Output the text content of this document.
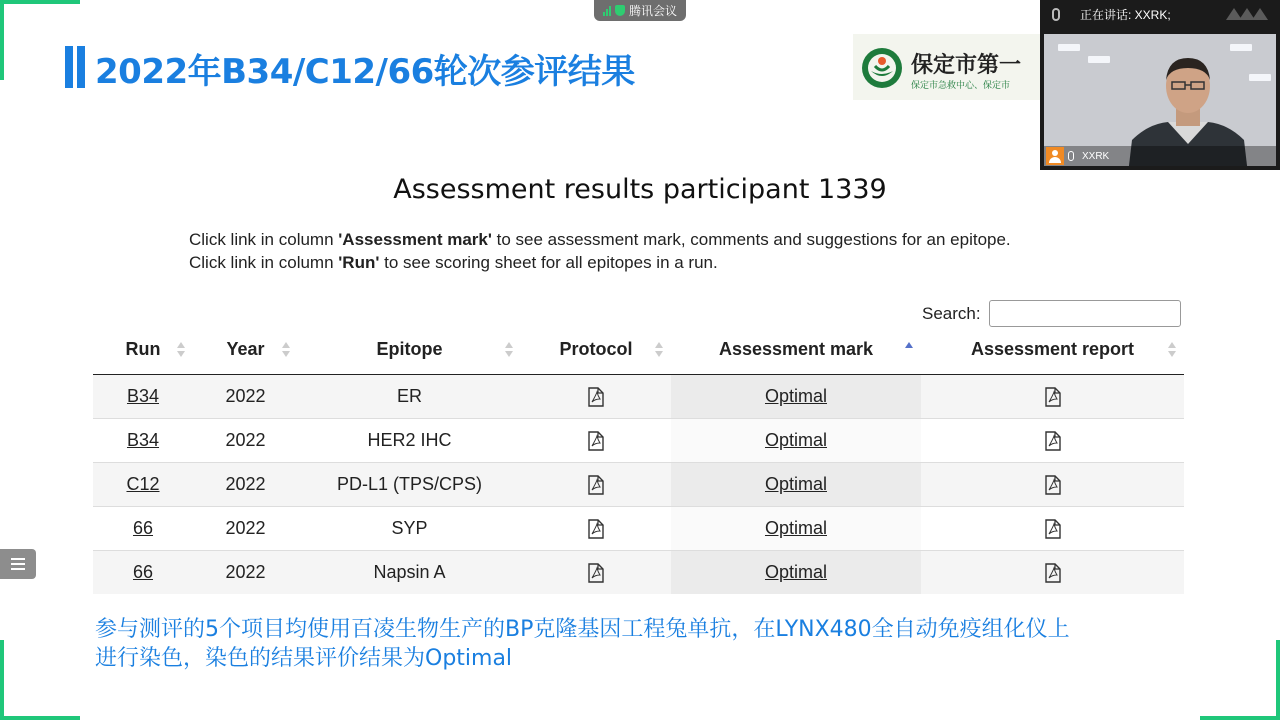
腾讯会议
2022年B34/C12/66轮次参评结果	保定市第一
保定市急救中心、保定市
正在讲话: XXRK;
XXRK
Assessment results participant 1339
Click link in column 'Assessment mark' to see assessment mark, comments and suggestions for an epitope.
Click link in column 'Run' to see scoring sheet for all epitopes in a run.
Search:
Run	Year	Epitope	Protocol	Assessment mark	Assessment report

B34	2022	ER		Optimal	
B34	2022	HER2 IHC		Optimal	
C12	2022	PD-L1 (TPS/CPS)		Optimal	
66	2022	SYP		Optimal	
66	2022	Napsin A		Optimal	
参与测评的5个项目均使用百凌生物生产的BP克隆基因工程兔单抗，在LYNX480全自动免疫组化仪上
进行染色，染色的结果评价结果为Optimal
